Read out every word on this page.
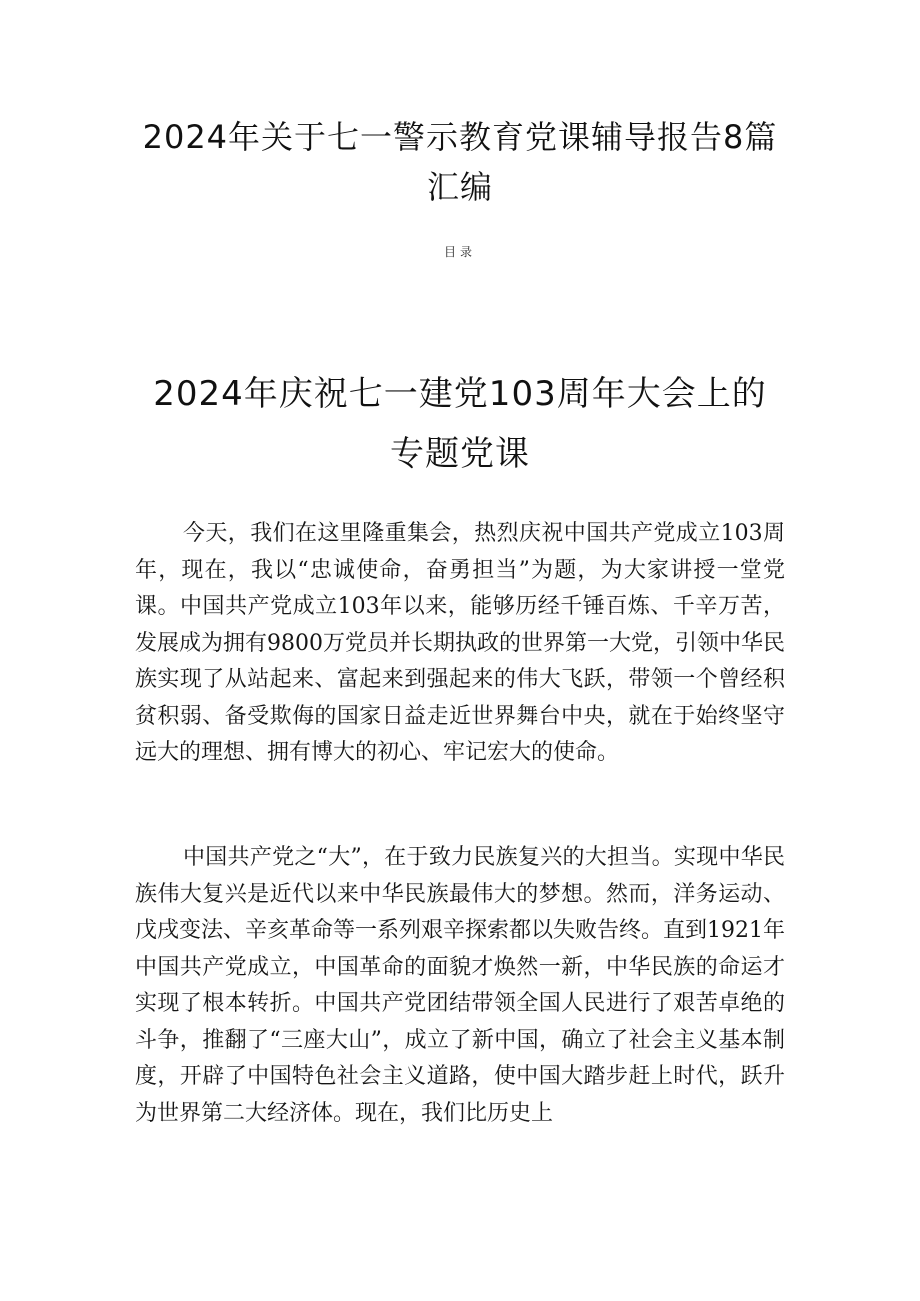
2024年关于七一警示教育党课辅导报告8篇汇编
目录
2024年庆祝七一建党103周年大会上的专题党课

今天，我们在这里隆重集会，热烈庆祝中国共产党成立103周年，现在，我以“忠诚使命，奋勇担当”为题，为大家讲授一堂党课。中国共产党成立103年以来，能够历经千锤百炼、千辛万苦，发展成为拥有9800万党员并长期执政的世界第一大党，引领中华民族实现了从站起来、富起来到强起来的伟大飞跃，带领一个曾经积贫积弱、备受欺侮的国家日益走近世界舞台中央，就在于始终坚守远大的理想、拥有博大的初心、牢记宏大的使命。

中国共产党之“大”，在于致力民族复兴的大担当。实现中华民族伟大复兴是近代以来中华民族最伟大的梦想。然而，洋务运动、戊戌变法、辛亥革命等一系列艰辛探索都以失败告终。直到1921年中国共产党成立，中国革命的面貌才焕然一新，中华民族的命运才实现了根本转折。中国共产党团结带领全国人民进行了艰苦卓绝的斗争，推翻了“三座大山”，成立了新中国，确立了社会主义基本制度，开辟了中国特色社会主义道路，使中国大踏步赶上时代，跃升为世界第二大经济体。现在，我们比历史上
